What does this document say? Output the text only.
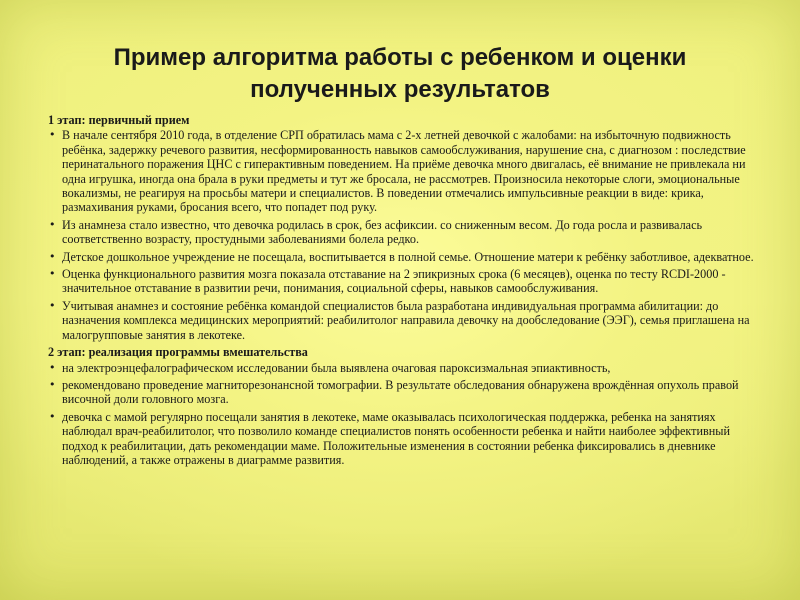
Пример алгоритма работы с ребенком и оценки
полученных результатов
1 этап: первичный прием
• В начале сентября 2010 года, в отделение СРП обратилась мама с 2-х летней девочкой с жалобами: на избыточную подвижность ребёнка, задержку речевого развития, несформированность навыков самообслуживания, нарушение сна, с диагнозом : последствие перинатального поражения ЦНС с гиперактивным поведением. На приёме девочка много двигалась, её внимание не привлекала ни одна игрушка, иногда она брала в руки предметы и тут же бросала, не рассмотрев. Произносила некоторые слоги, эмоциональные вокализмы, не реагируя на просьбы матери и специалистов. В поведении отмечались импульсивные реакции в виде: крика, размахивания руками, бросания всего, что попадет под руку.
• Из анамнеза стало известно, что девочка родилась в срок, без асфиксии. со сниженным весом. До года росла и развивалась соответственно возрасту, простудными заболеваниями болела редко.
• Детское дошкольное учреждение не посещала, воспитывается в полной семье. Отношение матери к ребёнку заботливое, адекватное.
• Оценка функционального развития мозга показала отставание на 2 эпикризных срока (6 месяцев), оценка по тесту RCDI-2000 - значительное отставание в развитии речи, понимания, социальной сферы, навыков самообслуживания.
• Учитывая анамнез и состояние ребёнка командой специалистов была разработана индивидуальная программа абилитации: до назначения комплекса медицинских мероприятий: реабилитолог направила девочку на дообследование (ЭЭГ), семья приглашена на малогрупповые занятия в лекотеке.
2 этап: реализация программы вмешательства
• на электроэнцефалографическом исследовании была выявлена очаговая пароксизмальная эпиактивность,
• рекомендовано проведение магниторезонансной томографии. В результате обследования обнаружена врождённая опухоль правой височной доли головного мозга.
• девочка с мамой регулярно посещали занятия в лекотеке, маме оказывалась психологическая поддержка, ребенка на занятиях наблюдал врач-реабилитолог, что позволило команде специалистов понять особенности ребенка и найти наиболее эффективный подход к реабилитации, дать рекомендации маме. Положительные изменения в состоянии ребенка фиксировались в дневнике наблюдений, а также отражены в диаграмме развития.
